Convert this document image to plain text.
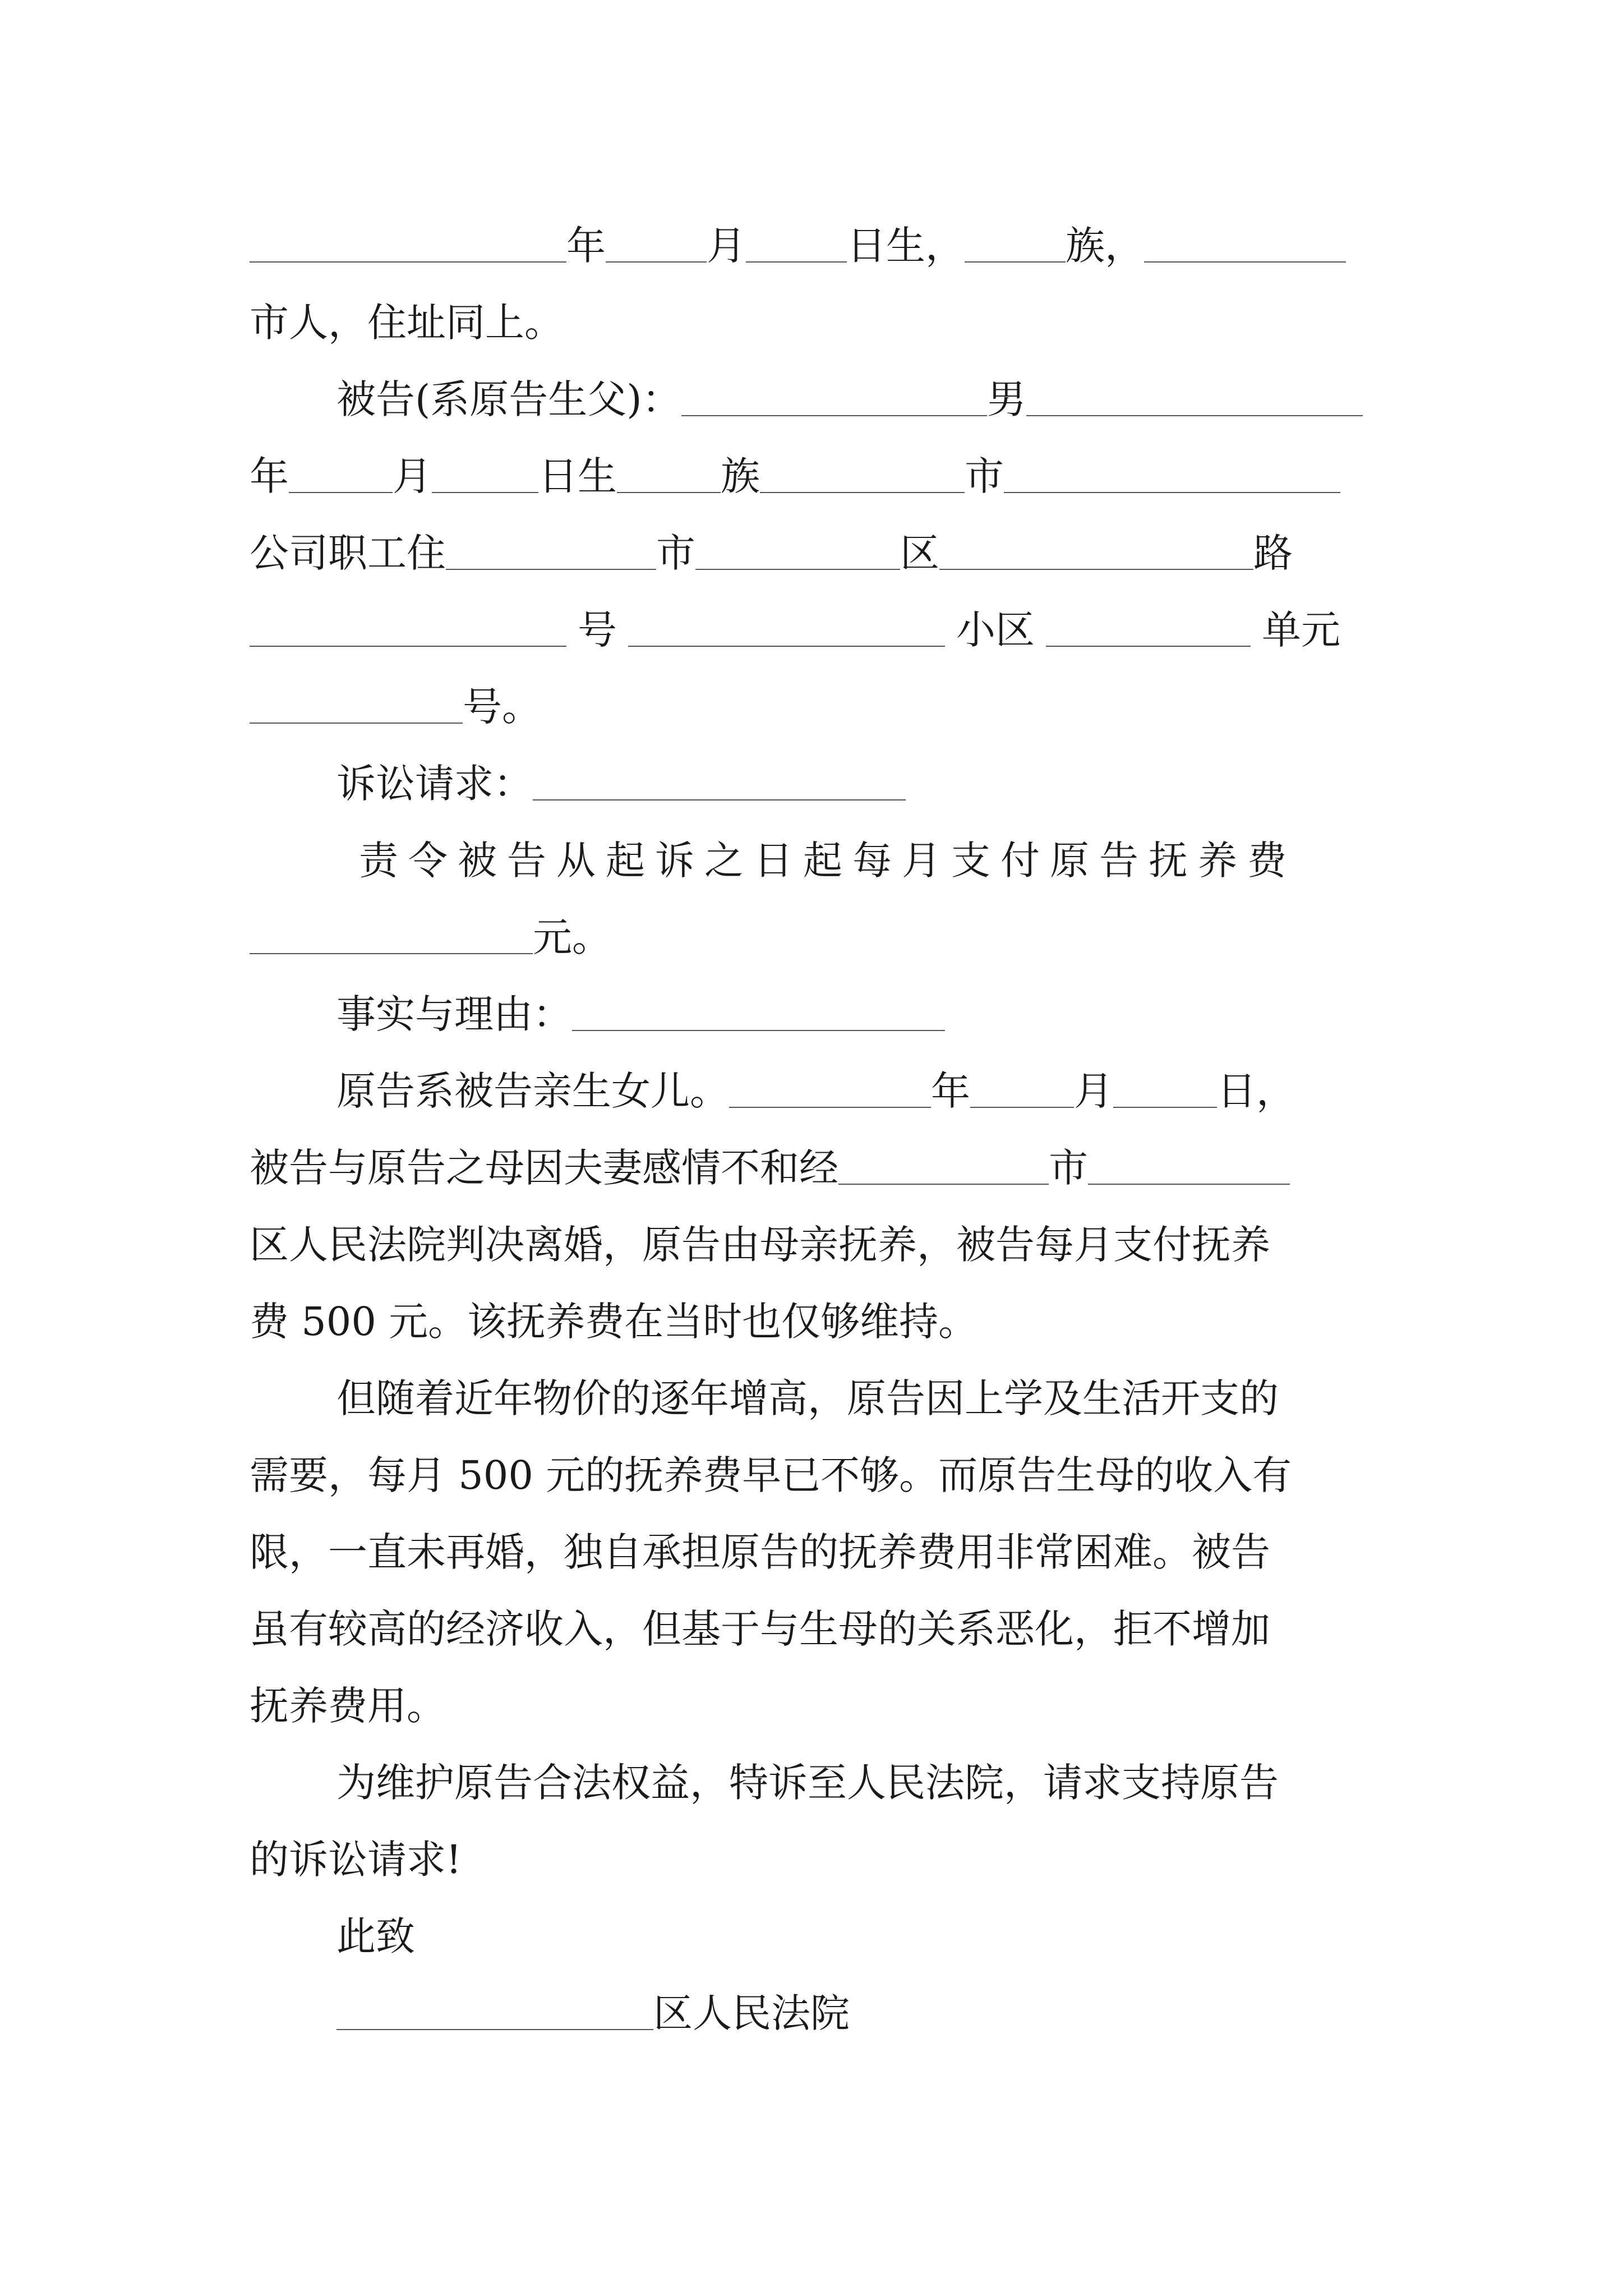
年	月	日生，	族，
市人，住址同上。
被告(系原告生父)：	男
年	月	日生	族	市
公司职工住	市	区	路
号	小区	单元
号。
诉讼请求：
责令被告从起诉之日起每月支付原告抚养费
元。
事实与理由：
原告系被告亲生女儿。	年	月	日，
被告与原告之母因夫妻感情不和经	市
区人民法院判决离婚，原告由母亲抚养，被告每月支付抚养
费 500 元。该抚养费在当时也仅够维持。
但随着近年物价的逐年增高，原告因上学及生活开支的
需要，每月 500 元的抚养费早已不够。而原告生母的收入有
限，一直未再婚，独自承担原告的抚养费用非常困难。被告
虽有较高的经济收入，但基于与生母的关系恶化，拒不增加
抚养费用。
为维护原告合法权益，特诉至人民法院，请求支持原告
的诉讼请求!
此致
区人民法院
